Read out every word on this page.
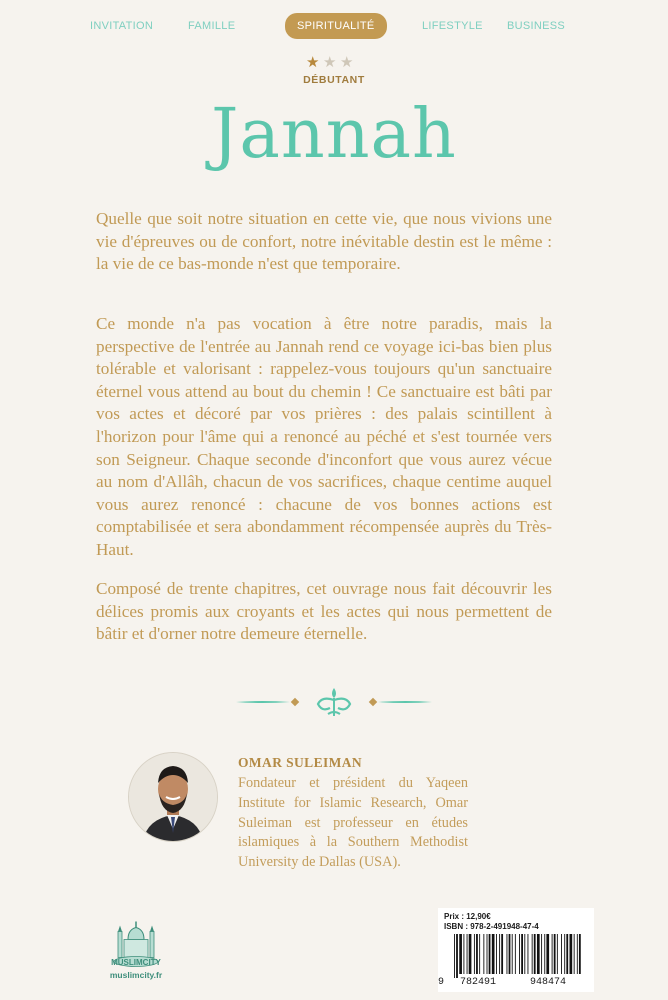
INVITATION	FAMILLE	SPIRITUALITÉ	LIFESTYLE BUSINESS
★ ★ ★
DÉBUTANT
Jannah

Quelle que soit notre situation en cette vie, que nous vivions une vie d'épreuves ou de confort, notre inévitable destin est le même : la vie de ce bas-monde n'est que temporaire.

Ce monde n'a pas vocation à être notre paradis, mais la perspective de l'entrée au Jannah rend ce voyage ici-bas bien plus tolérable et valorisant : rappelez-vous toujours qu'un sanctuaire éternel vous attend au bout du chemin ! Ce sanctuaire est bâti par vos actes et décoré par vos prières : des palais scintillent à l'horizon pour l'âme qui a renoncé au péché et s'est tournée vers son Seigneur. Chaque seconde d'inconfort que vous aurez vécue au nom d'Allâh, chacun de vos sacrifices, chaque centime auquel vous aurez renoncé : chacune de vos bonnes actions est comptabilisée et sera abondamment récompensée auprès du Très-Haut.

Composé de trente chapitres, cet ouvrage nous fait découvrir les délices promis aux croyants et les actes qui nous permettent de bâtir et d'orner notre demeure éternelle.

OMAR SULEIMAN

Fondateur et président du Yaqeen Institute for Islamic Research, Omar Suleiman est professeur en études islamiques à la Southern Methodist University de Dallas (USA).

MUSLIMCITY
muslimcity.fr
Prix : 12,90€
ISBN : 978-2-491948-47-4
9 782491	948474
